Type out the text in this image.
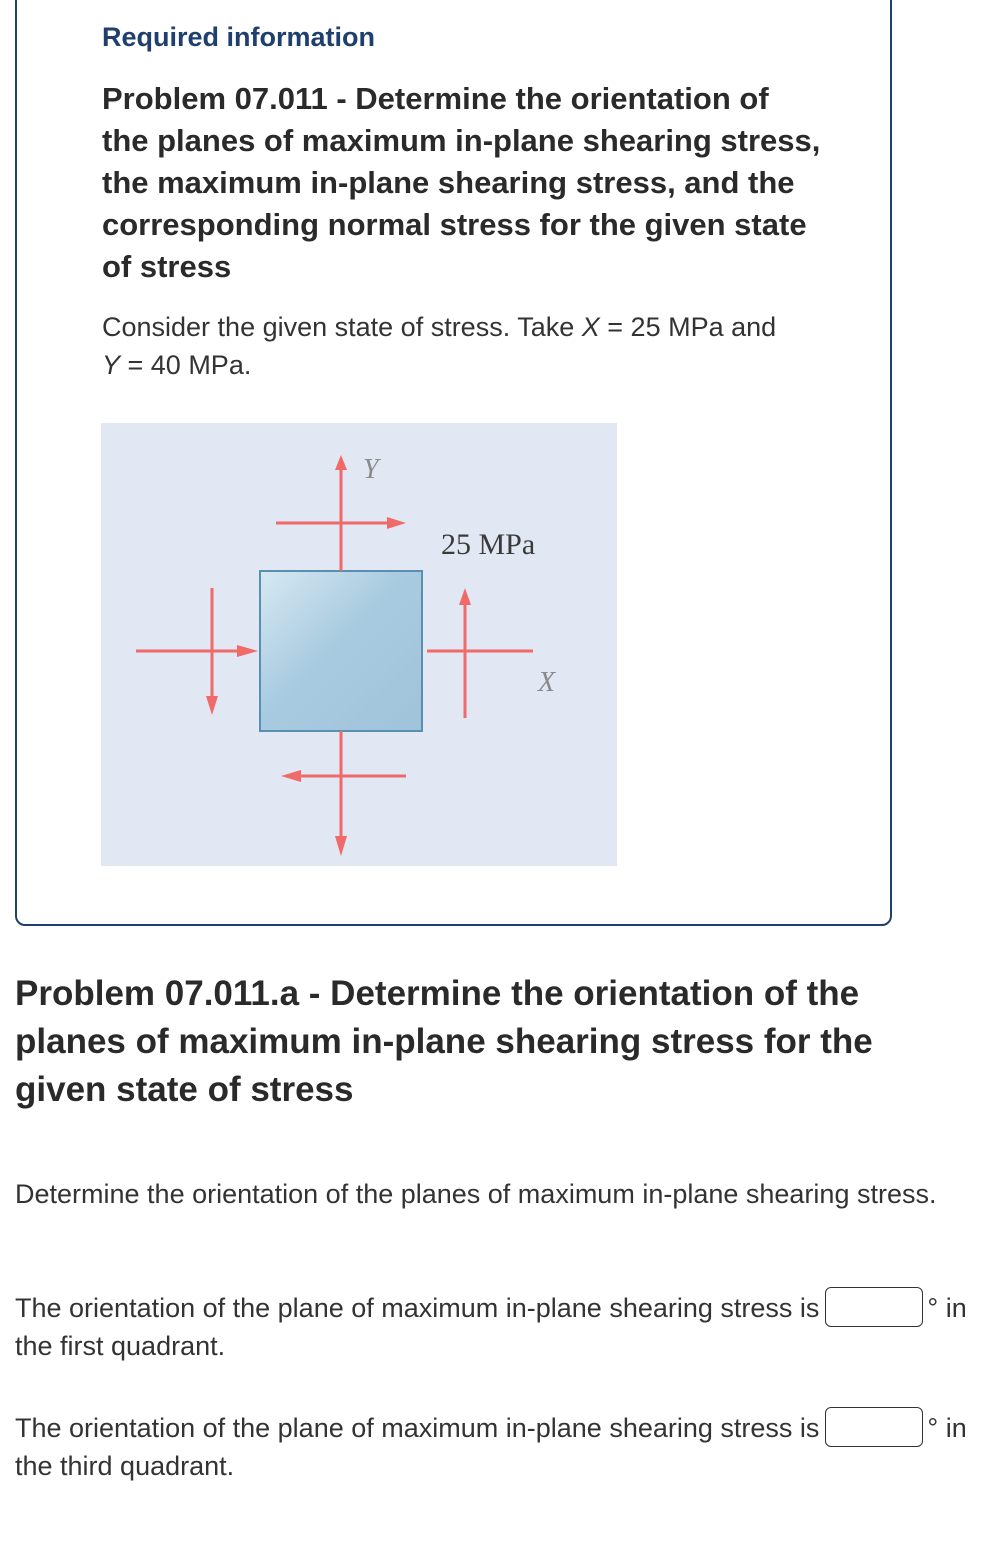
Required information
Problem 07.011 - Determine the orientation of the planes of maximum in-plane shearing stress, the maximum in-plane shearing stress, and the corresponding normal stress for the given state of stress

Consider the given state of stress. Take X = 25 MPa and Y = 40 MPa.

Y
25 MPa
X
Problem 07.011.a - Determine the orientation of the planes of maximum in-plane shearing stress for the given state of stress

Determine the orientation of the planes of maximum in-plane shearing stress.

The orientation of the plane of maximum in-plane shearing stress is	° in the first quadrant.

The orientation of the plane of maximum in-plane shearing stress is	° in the third quadrant.
